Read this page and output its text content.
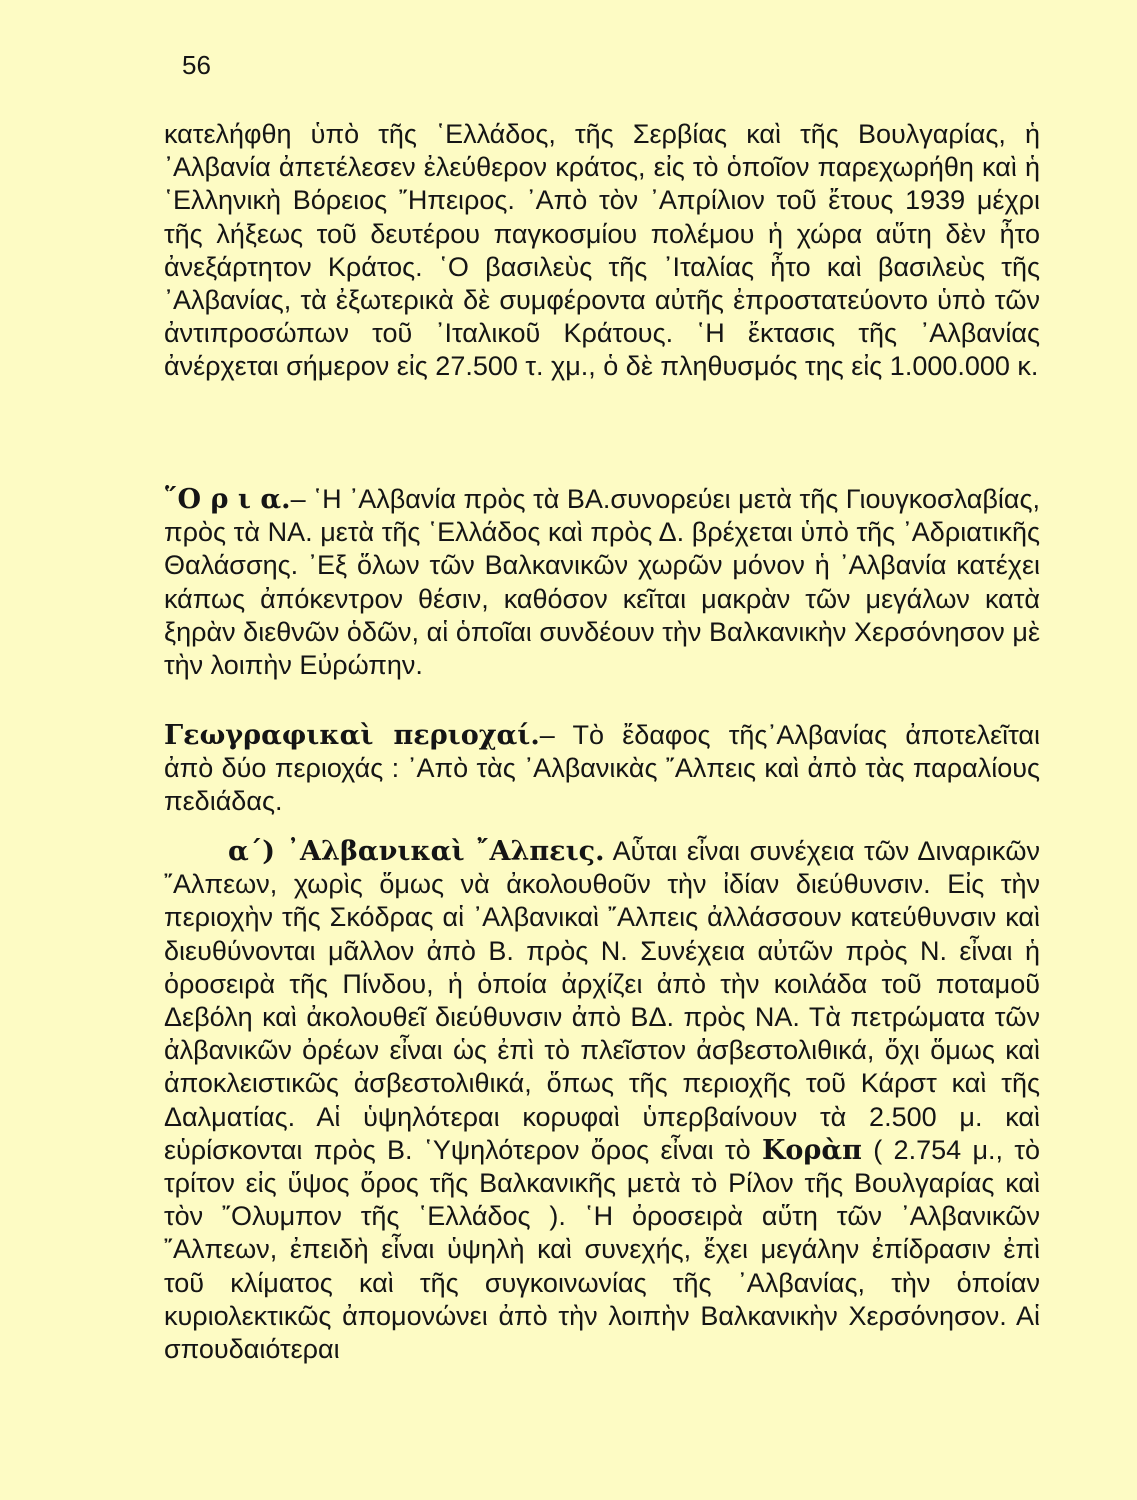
56

κατελήφθη ὑπὸ τῆς ῾Ελλάδος, τῆς Σερβίας καὶ τῆς Βουλγαρίας, ἡ ᾿Αλβανία ἀπετέλεσεν ἐλεύθερον κράτος, εἰς τὸ ὁποῖον παρεχωρήθη καὶ ἡ ῾Ελληνικὴ Βόρειος ῎Ηπειρος. ᾿Απὸ τὸν ᾿Απρίλιον τοῦ ἔτους 1939 μέχρι τῆς λήξεως τοῦ δευτέρου παγκοσμίου πολέμου ἡ χώρα αὕτη δὲν ἦτο ἀνεξάρτητον Κράτος. ῾Ο βασιλεὺς τῆς ᾿Ιταλίας ἦτο καὶ βασιλεὺς τῆς ᾿Αλβανίας, τὰ ἐξωτερικὰ δὲ συμφέροντα αὐτῆς ἐπροστατεύοντο ὑπὸ τῶν ἀντιπροσώπων τοῦ ᾿Ιταλικοῦ Κράτους. ῾Η ἔκτασις τῆς ᾿Αλβανίας ἀνέρχεται σήμερον εἰς 27.500 τ. χμ., ὁ δὲ πληθυσμός της εἰς 1.000.000 κ.

῞Ο ρ ι α.– ῾Η ᾿Αλβανία πρὸς τὰ ΒΑ.συνορεύει μετὰ τῆς Γιουγκοσλαβίας, πρὸς τὰ ΝΑ. μετὰ τῆς ῾Ελλάδος καὶ πρὸς Δ. βρέχεται ὑπὸ τῆς ᾿Αδριατικῆς Θαλάσσης. ᾿Εξ ὅλων τῶν Βαλκανικῶν χωρῶν μόνον ἡ ᾿Αλβανία κατέχει κάπως ἀπόκεντρον θέσιν, καθόσον κεῖται μακρὰν τῶν μεγάλων κατὰ ξηρὰν διεθνῶν ὁδῶν, αἱ ὁποῖαι συνδέουν τὴν Βαλκανικὴν Χερσόνησον μὲ τὴν λοιπὴν Εὐρώπην.

Γεωγραφικαὶ περιοχαί.– Τὸ ἔδαφος τῆς᾿Αλβανίας ἀποτελεῖται ἀπὸ δύο περιοχάς : ᾿Απὸ τὰς ᾿Αλβανικὰς ῎Αλπεις καὶ ἀπὸ τὰς παραλίους πεδιάδας.

α΄) ᾿Αλβανικαὶ ῎Αλπεις. Αὗται εἶναι συνέχεια τῶν Διναρικῶν ῎Αλπεων, χωρὶς ὅμως νὰ ἀκολουθοῦν τὴν ἰδίαν διεύθυνσιν. Εἰς τὴν περιοχὴν τῆς Σκόδρας αἱ ᾿Αλβανικαὶ ῎Αλπεις ἀλλάσσουν κατεύθυνσιν καὶ διευθύνονται μᾶλλον ἀπὸ Β. πρὸς Ν. Συνέχεια αὐτῶν πρὸς Ν. εἶναι ἡ ὀροσειρὰ τῆς Πίνδου, ἡ ὁποία ἀρχίζει ἀπὸ τὴν κοιλάδα τοῦ ποταμοῦ Δεβόλη καὶ ἀκολουθεῖ διεύθυνσιν ἀπὸ ΒΔ. πρὸς ΝΑ. Τὰ πετρώματα τῶν ἀλβανικῶν ὀρέων εἶναι ὡς ἐπὶ τὸ πλεῖστον ἀσβεστολιθικά, ὄχι ὅμως καὶ ἀποκλειστικῶς ἀσβεστολιθικά, ὅπως τῆς περιοχῆς τοῦ Κάρστ καὶ τῆς Δαλματίας. Αἱ ὑψηλότεραι κορυφαὶ ὑπερβαίνουν τὰ 2.500 μ. καὶ εὑρίσκονται πρὸς Β. ῾Υψηλότερον ὄρος εἶναι τὸ Κορὰπ ( 2.754 μ., τὸ τρίτον εἰς ὕψος ὄρος τῆς Βαλκανικῆς μετὰ τὸ Ρίλον τῆς Βουλγαρίας καὶ τὸν ῎Ολυμπον τῆς ῾Ελλάδος ). ῾Η ὀροσειρὰ αὕτη τῶν ᾿Αλβανικῶν ῎Αλπεων, ἐπειδὴ εἶναι ὑψηλὴ καὶ συνεχής, ἔχει μεγάλην ἐπίδρασιν ἐπὶ τοῦ κλίματος καὶ τῆς συγκοινωνίας τῆς ᾿Αλβανίας, τὴν ὁποίαν κυριολεκτικῶς ἀπομονώνει ἀπὸ τὴν λοιπὴν Βαλκανικὴν Χερσόνησον. Αἱ σπουδαιότεραι
